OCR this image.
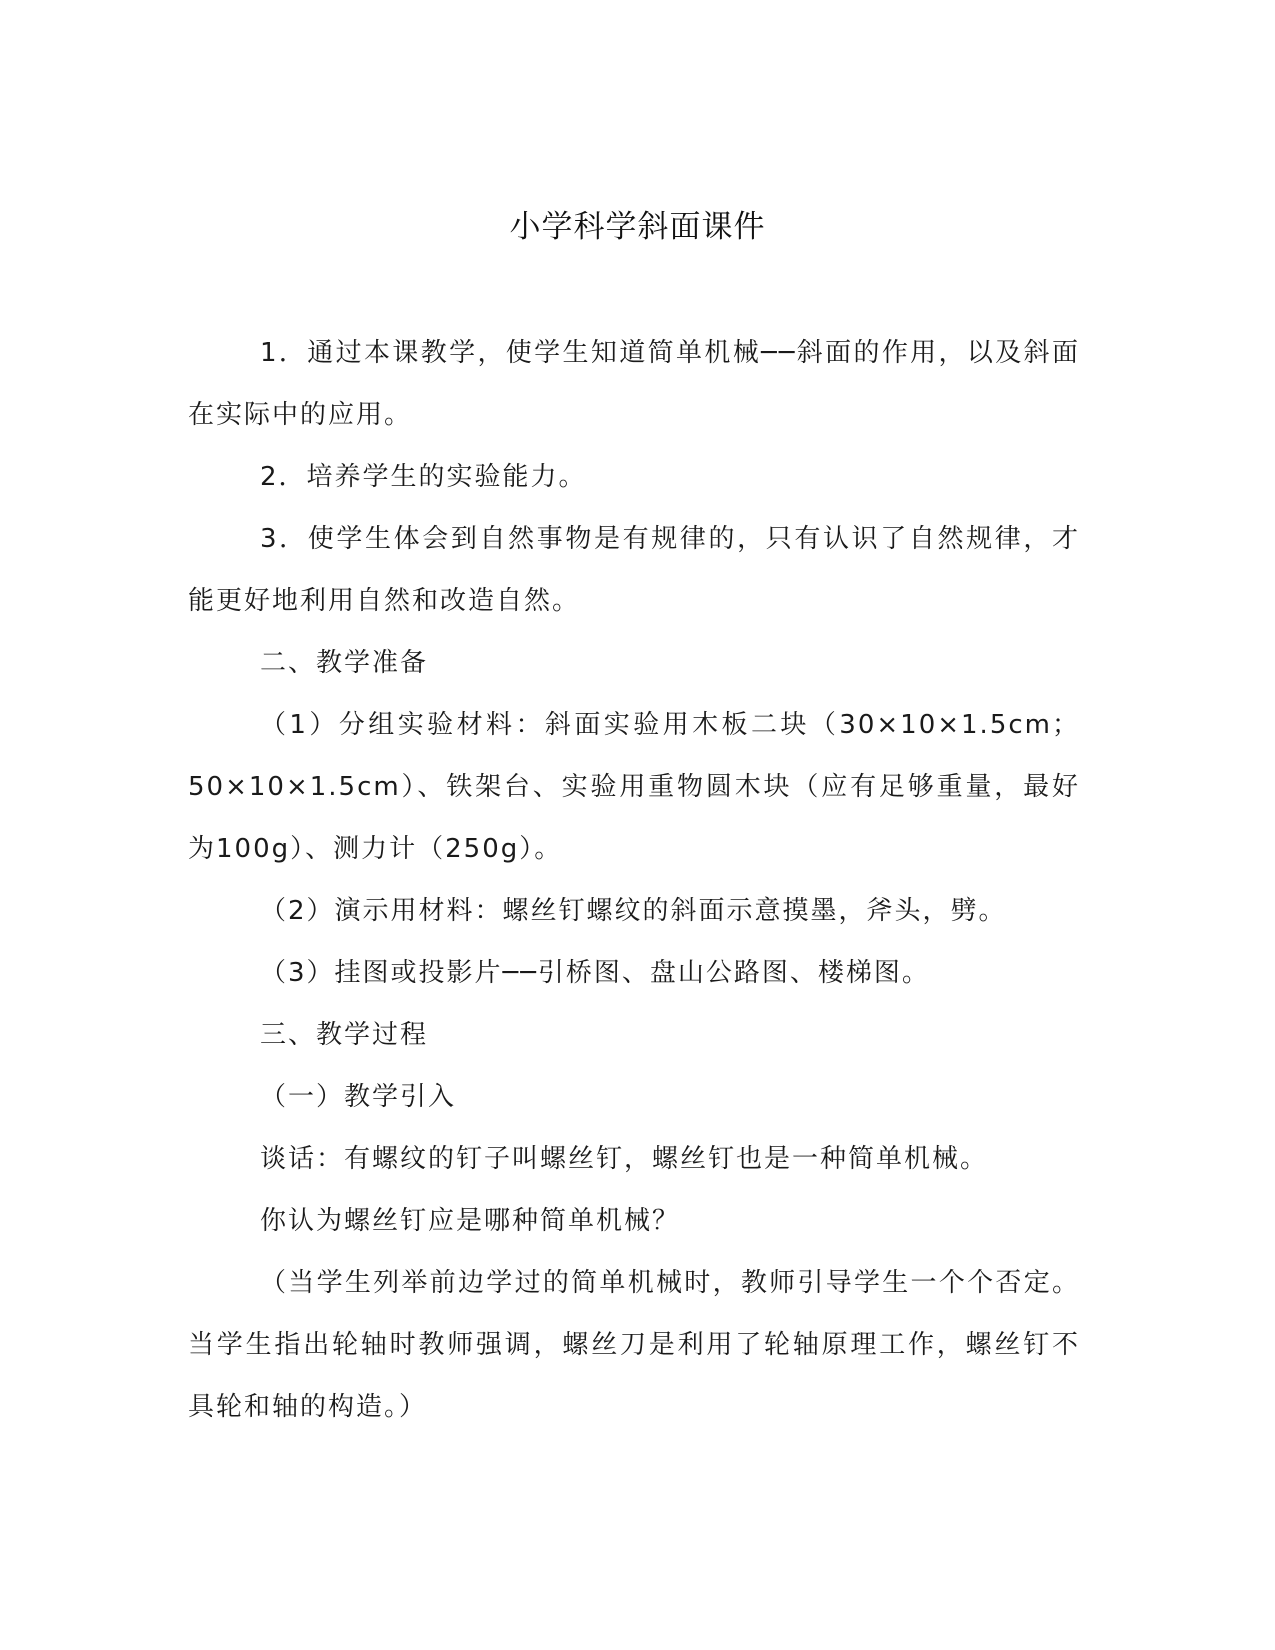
小学科学斜面课件

1．通过本课教学，使学生知道简单机械──斜面的作用，以及斜面在实际中的应用。

2．培养学生的实验能力。

3．使学生体会到自然事物是有规律的，只有认识了自然规律，才能更好地利用自然和改造自然。

二、教学准备

（1）分组实验材料：斜面实验用木板二块（30×10×1.5cm；50×10×1.5cm）、铁架台、实验用重物圆木块（应有足够重量，最好为100g）、测力计（250g）。

（2）演示用材料：螺丝钉螺纹的斜面示意摸墨，斧头，劈。

（3）挂图或投影片──引桥图、盘山公路图、楼梯图。

三、教学过程

（一）教学引入

谈话：有螺纹的钉子叫螺丝钉，螺丝钉也是一种简单机械。

你认为螺丝钉应是哪种简单机械？

（当学生列举前边学过的简单机械时，教师引导学生一个个否定。当学生指出轮轴时教师强调，螺丝刀是利用了轮轴原理工作，螺丝钉不具轮和轴的构造。）
